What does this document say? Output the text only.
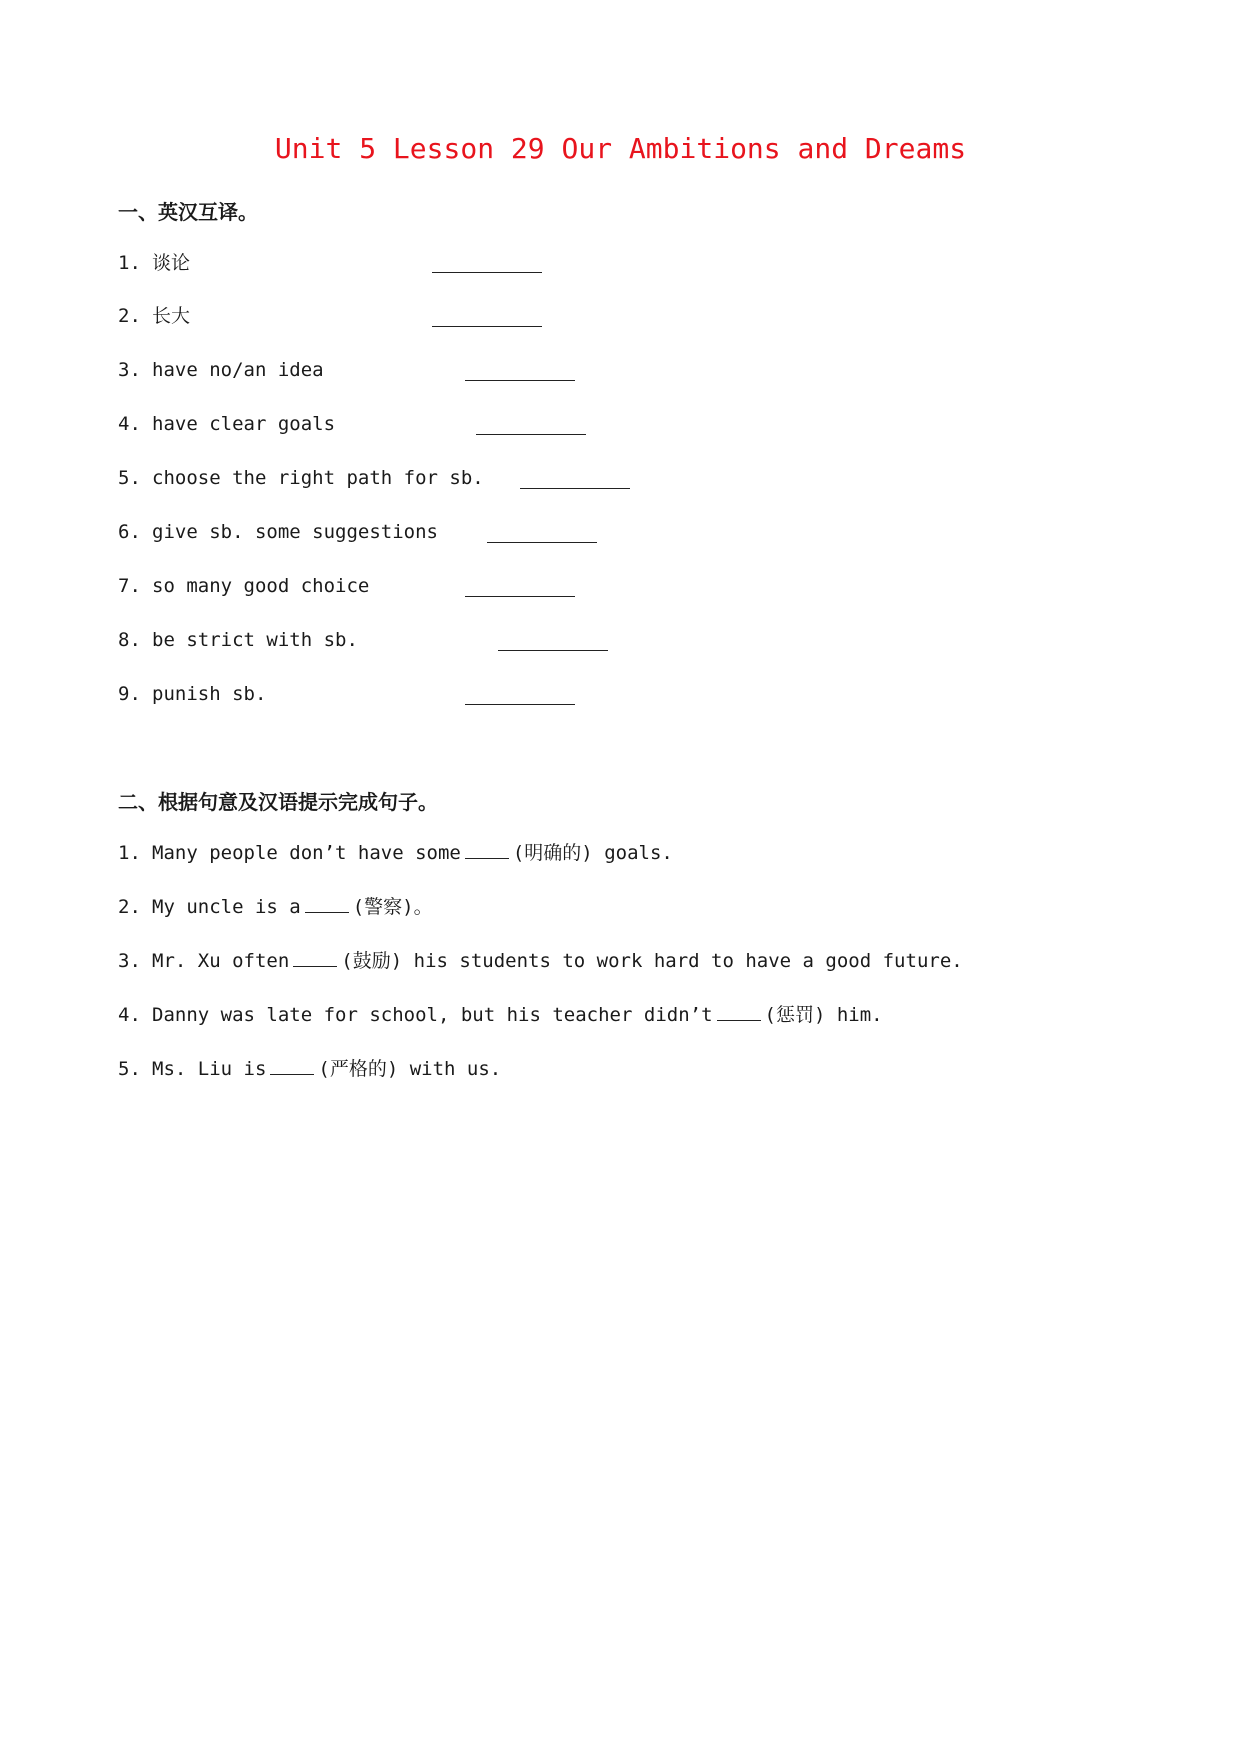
Unit 5 Lesson 29 Our Ambitions and Dreams
一、英汉互译。
1. 谈论
2. 长大
3. have no/an idea
4. have clear goals
5. choose the right path for sb.
6. give sb. some suggestions
7. so many good choice
8. be strict with sb.
9. punish sb.
二、根据句意及汉语提示完成句子。
1. Many people don’t have some	(明确的) goals.
2. My uncle is a	(警察)。
3. Mr. Xu often	(鼓励) his students to work hard to have a good future.
4. Danny was late for school, but his teacher didn’t	(惩罚) him.
5. Ms. Liu is	(严格的) with us.
